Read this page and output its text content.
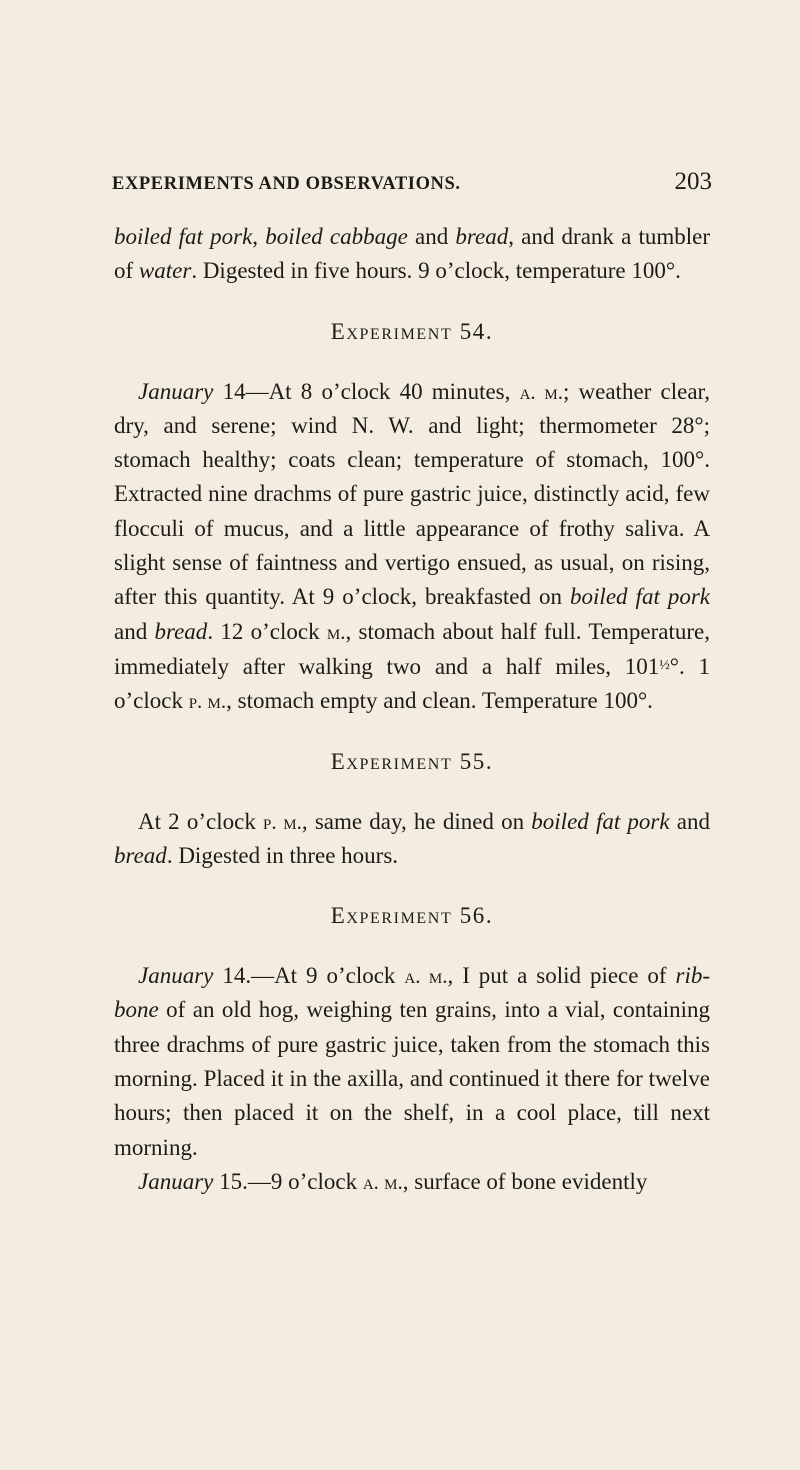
EXPERIMENTS AND OBSERVATIONS.	203

boiled fat pork, boiled cabbage and bread, and drank a tumbler of water. Digested in five hours. 9 o’clock, temperature 100°.

Experiment 54.

January 14—At 8 o’clock 40 minutes, a. m.; weather clear, dry, and serene; wind N. W. and light; thermometer 28°; stomach healthy; coats clean; temperature of stomach, 100°. Extracted nine drachms of pure gastric juice, distinctly acid, few flocculi of mucus, and a little appearance of frothy saliva. A slight sense of faintness and vertigo ensued, as usual, on rising, after this quantity. At 9 o’clock, breakfasted on boiled fat pork and bread. 12 o’clock m., stomach about half full. Temperature, immediately after walking two and a half miles, $101^{\frac{1}{2}}^\circ$. 1 o’clock p. m., stomach empty and clean. Temperature 100°.

Experiment 55.

At 2 o’clock p. m., same day, he dined on boiled fat pork and bread. Digested in three hours.

Experiment 56.

January 14.—At 9 o’clock a. m., I put a solid piece of rib-bone of an old hog, weighing ten grains, into a vial, containing three drachms of pure gastric juice, taken from the stomach this morning. Placed it in the axilla, and continued it there for twelve hours; then placed it on the shelf, in a cool place, till next morning.

January 15.—9 o’clock a. m., surface of bone evidently
